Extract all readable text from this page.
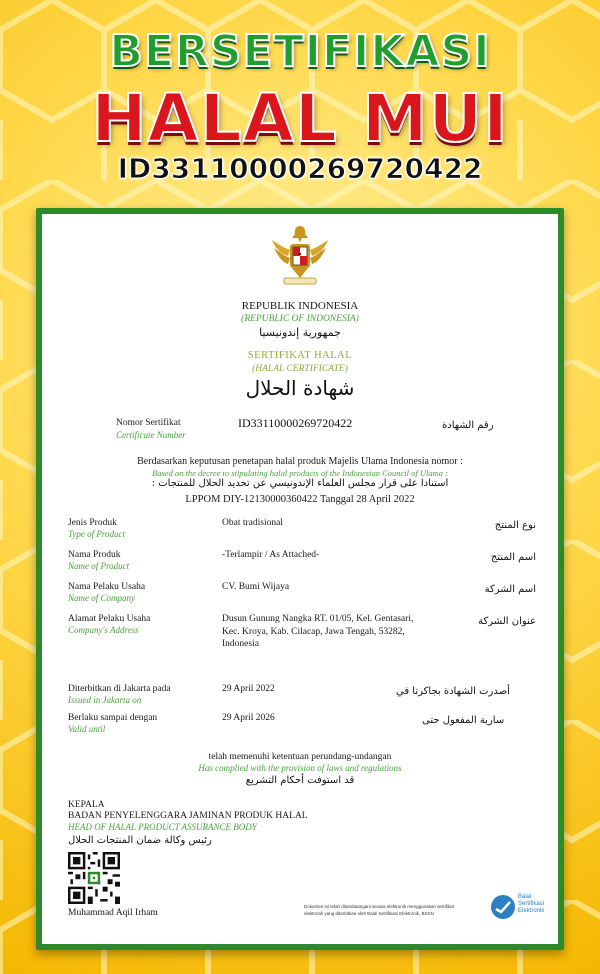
BERSETIFIKASI
HALAL MUI
ID33110000269720422
REPUBLIK INDONESIA
(REPUBLIC OF INDONESIA)
جمهورية إندونيسيا
SERTIFIKAT HALAL
(HALAL CERTIFICATE)
شهادة الحلال
Nomor Sertifikat
Certificate Number
ID33110000269720422	رقم الشهادة
Berdasarkan keputusan penetapan halal produk Majelis Ulama Indonesia nomor :
Based on the decree to stipulating halal products of the Indonesian Council of Ulama :
استنادا على قرار مجلس العلماء الإندونيسي عن تحديد الحلال للمنتجات :
LPPOM DIY-12130000360422 Tanggal 28 April 2022
Jenis Produk
Type of Product
Obat tradisional	نوع المنتج
Nama Produk
Name of Product
-Terlampir / As Attached-	اسم المنتج
Nama Pelaku Usaha
Name of Company
CV. Bumi Wijaya	اسم الشركة
Alamat Pelaku Usaha
Company's Address
Dusun Gunung Nangka RT. 01/05, Kel. Gentasari, Kec. Kroya, Kab. Cilacap, Jawa Tengah, 53282, Indonesia
عنوان الشركة
Diterbitkan di Jakarta pada
Issued in Jakarta on
29 April 2022	أصدرت الشهادة بجاكرتا في
Berlaku sampai dengan
Valid until
29 April 2026	سارية المفعول حتى
telah memenuhi ketentuan perundang-undangan
Has complied with the provision of laws and regulations
قد استوفت أحكام التشريع
KEPALA
BADAN PENYELENGGARA JAMINAN PRODUK HALAL
HEAD OF HALAL PRODUCT ASSURANCE BODY
رئيس وكالة ضمان المنتجات الحلال
Muhammad Aqil Irham
Dokumen ini telah ditandatangani secara elektronik menggunakan sertifikat
elektronik yang diterbitkan oleh Balai Sertifikasi Elektronik, BSSN
Balai
Sertifikasi
Elektronik
